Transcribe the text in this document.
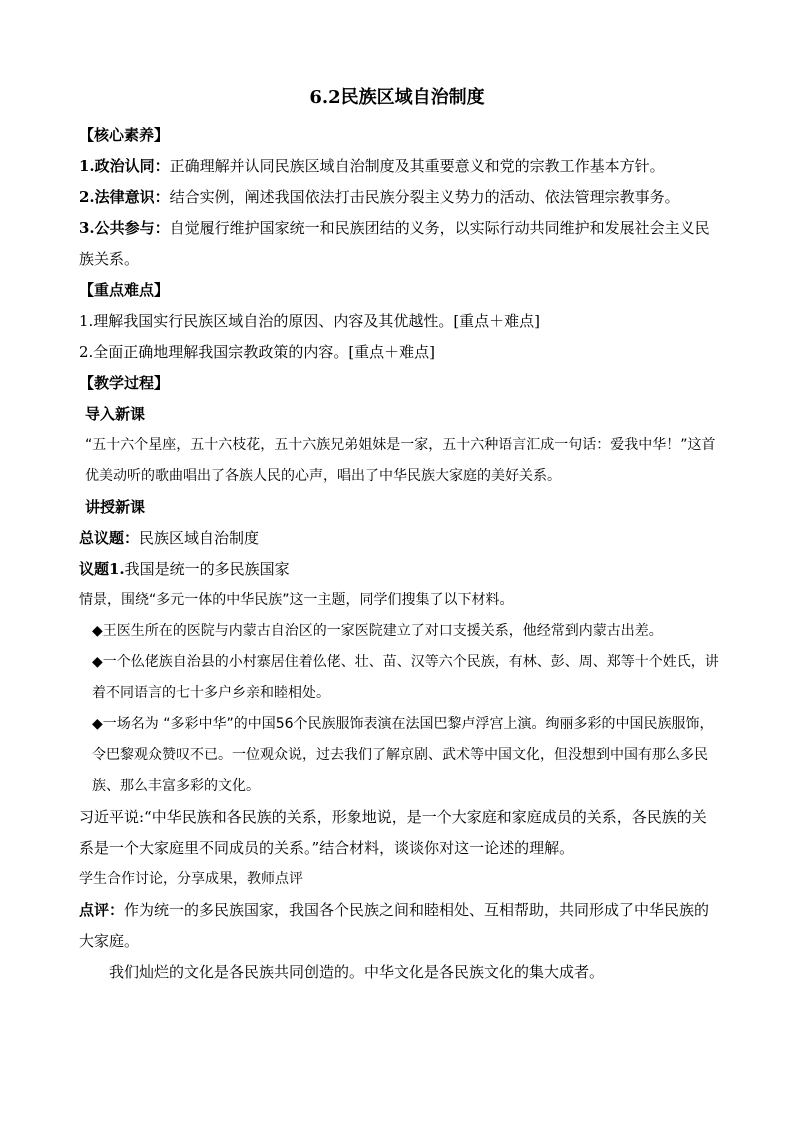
6.2民族区域自治制度

【核心素养】

1.政治认同：正确理解并认同民族区域自治制度及其重要意义和党的宗教工作基本方针。

2.法律意识：结合实例，阐述我国依法打击民族分裂主义势力的活动、依法管理宗教事务。

3.公共参与：自觉履行维护国家统一和民族团结的义务，以实际行动共同维护和发展社会主义民族关系。

【重点难点】

1.理解我国实行民族区域自治的原因、内容及其优越性。[重点＋难点]

2.全面正确地理解我国宗教政策的内容。[重点＋难点]

【教学过程】

导入新课

“五十六个星座，五十六枝花，五十六族兄弟姐妹是一家，五十六种语言汇成一句话：爱我中华！”这首优美动听的歌曲唱出了各族人民的心声，唱出了中华民族大家庭的美好关系。

讲授新课

总议题：民族区域自治制度

议题1.我国是统一的多民族国家

情景，围绕“多元一体的中华民族”这一主题，同学们搜集了以下材料。

◆王医生所在的医院与内蒙古自治区的一家医院建立了对口支援关系，他经常到内蒙古出差。

◆一个仫佬族自治县的小村寨居住着仫佬、壮、苗、汉等六个民族，有林、彭、周、郑等十个姓氏，讲着不同语言的七十多户乡亲和睦相处。

◆一场名为 “多彩中华”的中国56个民族服饰表演在法国巴黎卢浮宫上演。绚丽多彩的中国民族服饰，令巴黎观众赞叹不已。一位观众说，过去我们了解京剧、武术等中国文化，但没想到中国有那么多民族、那么丰富多彩的文化。

习近平说:“中华民族和各民族的关系，形象地说，是一个大家庭和家庭成员的关系，各民族的关系是一个大家庭里不同成员的关系。”结合材料，谈谈你对这一论述的理解。

学生合作讨论，分享成果，教师点评

点评：作为统一的多民族国家，我国各个民族之间和睦相处、互相帮助，共同形成了中华民族的大家庭。

我们灿烂的文化是各民族共同创造的。中华文化是各民族文化的集大成者。
